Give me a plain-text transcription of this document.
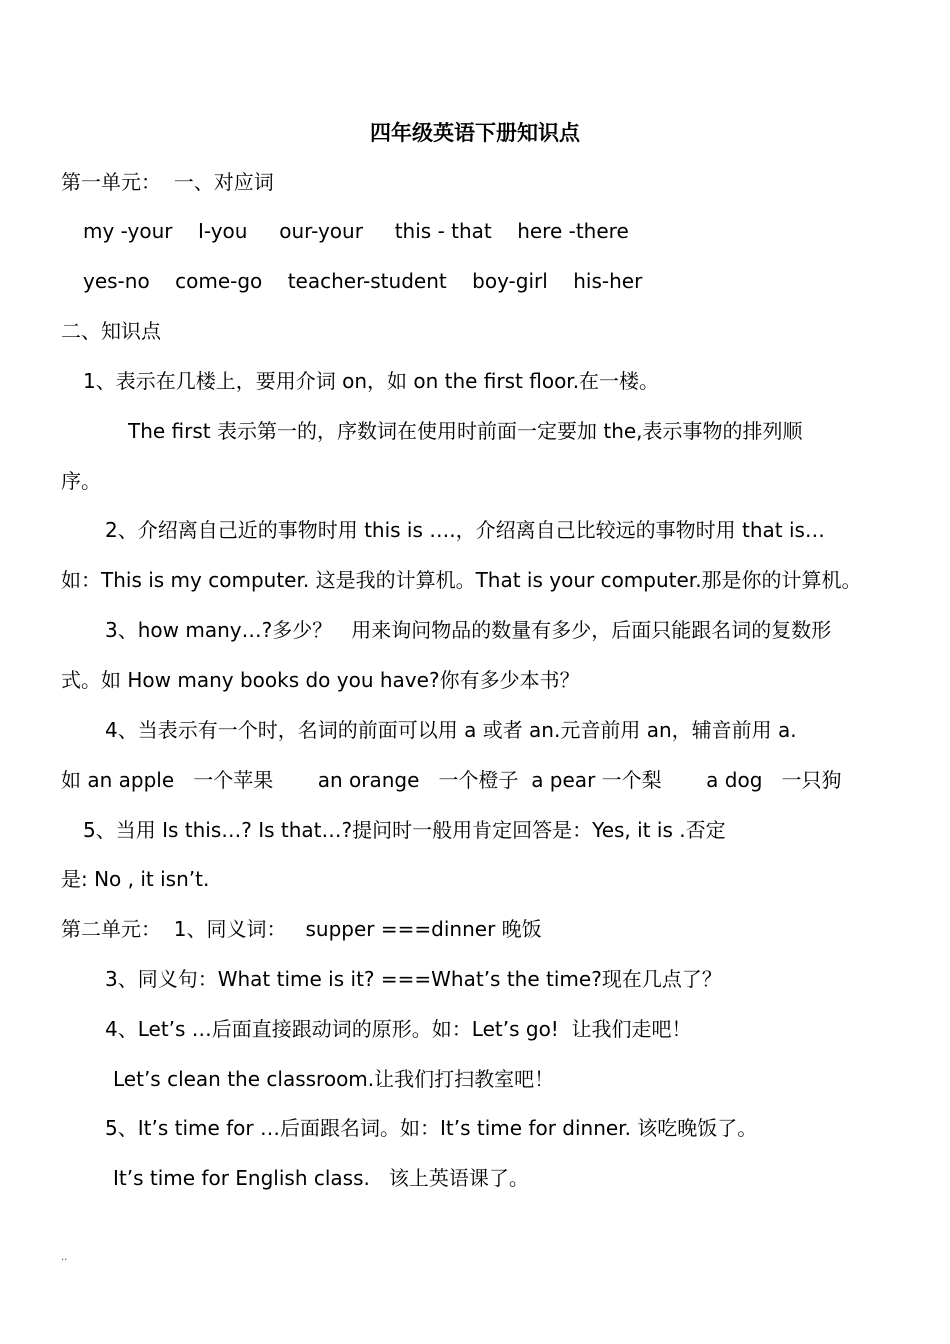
四年级英语下册知识点
第一单元：  一、对应词
my -your    I-you     our-your     this - that    here -there
yes-no    come-go    teacher-student    boy-girl    his-her
二、知识点
1、表示在几楼上，要用介词 on，如 on the first floor.在一楼。
The first 表示第一的，序数词在使用时前面一定要加 the,表示事物的排列顺
序。
2、介绍离自己近的事物时用 this is ….，介绍离自己比较远的事物时用 that is…
如：This is my computer. 这是我的计算机。That is your computer.那是你的计算机。
3、how many…?多少？   用来询问物品的数量有多少，后面只能跟名词的复数形
式。如 How many books do you have?你有多少本书？
4、当表示有一个时，名词的前面可以用 a 或者 an.元音前用 an，辅音前用 a.
如 an apple   一个苹果       an orange   一个橙子  a pear 一个梨       a dog   一只狗
5、当用 Is this…? Is that…?提问时一般用肯定回答是：Yes, it is .否定
是: No , it isn’t.
第二单元：  1、同义词：   supper ===dinner 晚饭
3、同义句：What time is it? ===What’s the time?现在几点了？
4、Let’s …后面直接跟动词的原形。如：Let’s go!  让我们走吧！
Let’s clean the classroom.让我们打扫教室吧！
5、It’s time for …后面跟名词。如：It’s time for dinner. 该吃晚饭了。
It’s time for English class.   该上英语课了。
..
